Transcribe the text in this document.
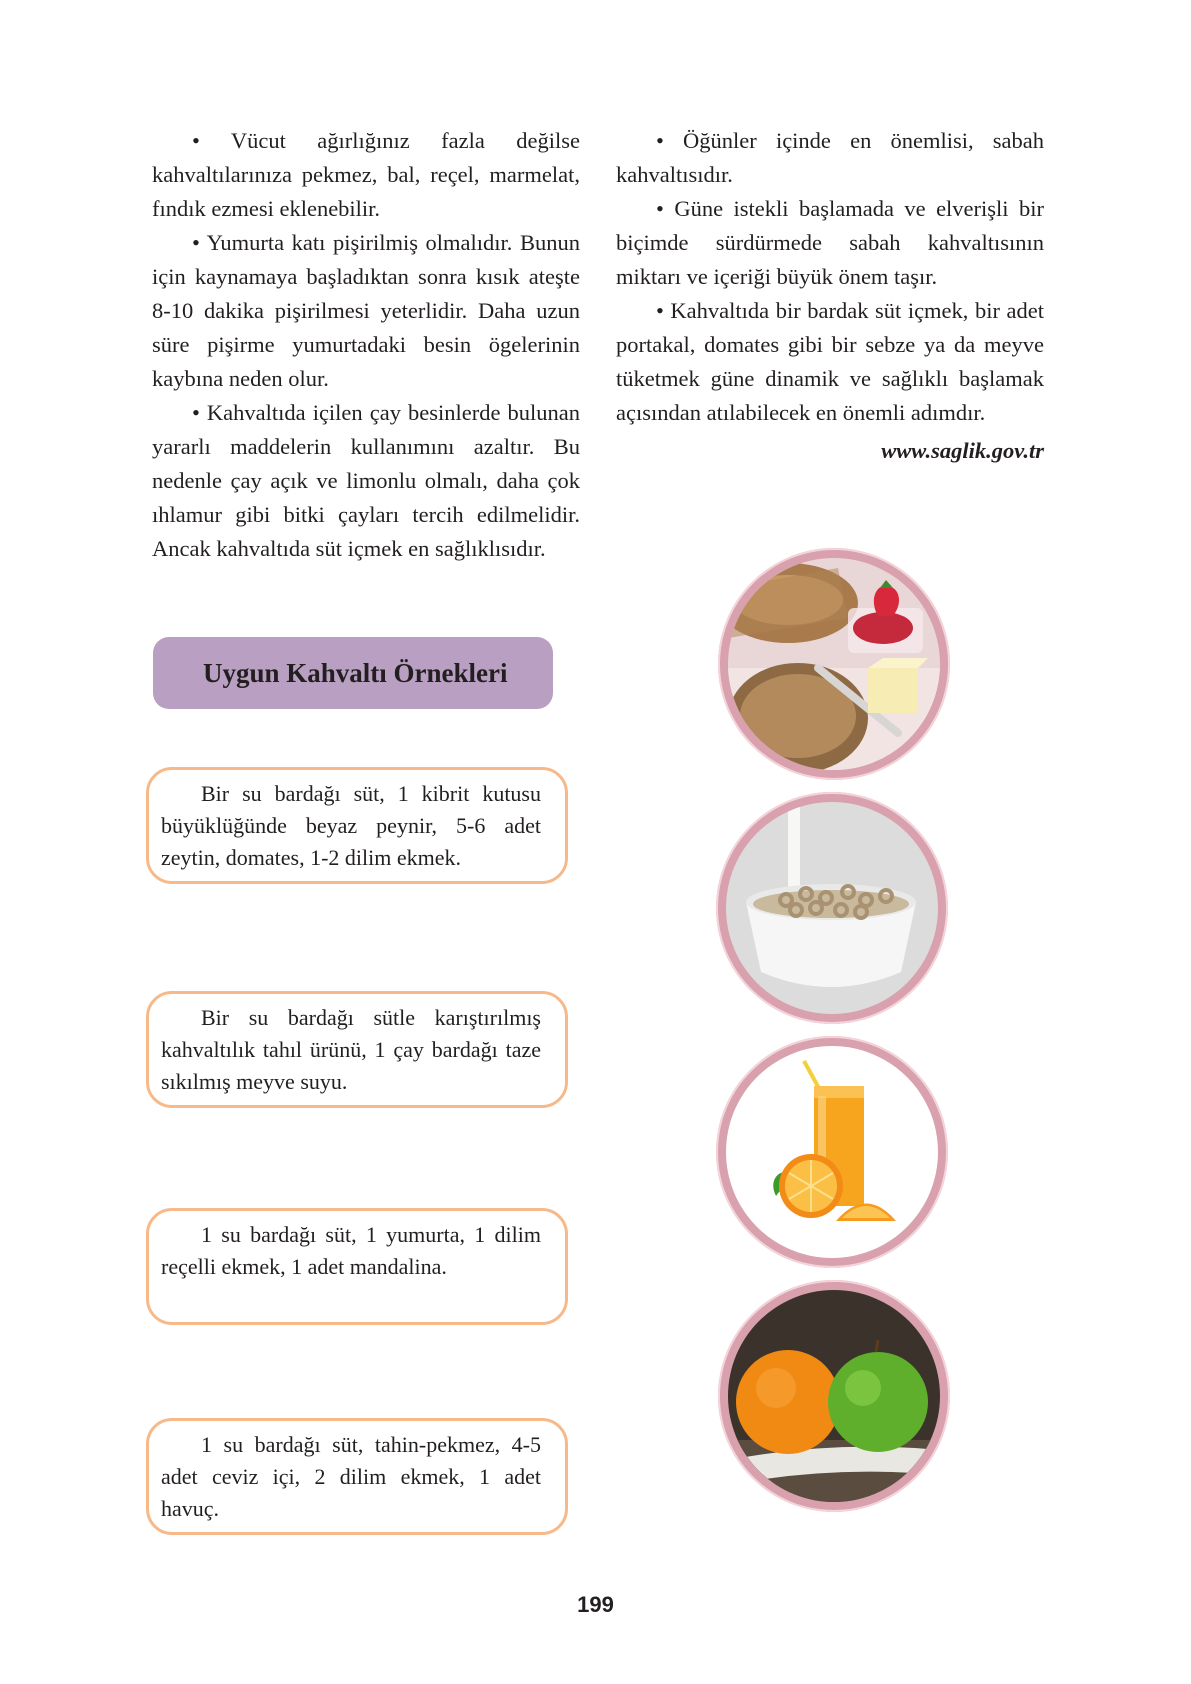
• Vücut ağırlığınız fazla değilse kahvaltılarınıza pekmez, bal, reçel, marmelat, fındık ezmesi eklenebilir.

• Yumurta katı pişirilmiş olmalıdır. Bunun için kaynamaya başladıktan sonra kısık ateşte 8-10 dakika pişirilmesi yeterlidir. Daha uzun süre pişirme yumurtadaki besin ögelerinin kaybına neden olur.

• Kahvaltıda içilen çay besinlerde bulunan yararlı maddelerin kullanımını azaltır. Bu nedenle çay açık ve limonlu olmalı, daha çok ıhlamur gibi bitki çayları tercih edilmelidir. Ancak kahvaltıda süt içmek en sağlıklısıdır.

• Öğünler içinde en önemlisi, sabah kahvaltısıdır.

• Güne istekli başlamada ve elverişli bir biçimde sürdürmede sabah kahvaltısının miktarı ve içeriği büyük önem taşır.

• Kahvaltıda bir bardak süt içmek, bir adet portakal, domates gibi bir sebze ya da meyve tüketmek güne dinamik ve sağlıklı başlamak açısından atılabilecek en önemli adımdır.

www.saglik.gov.tr

Uygun Kahvaltı Örnekleri

Bir su bardağı süt, 1 kibrit kutusu büyüklüğünde beyaz peynir, 5-6 adet zeytin, domates, 1-2 dilim ekmek.

Bir su bardağı sütle karıştırılmış kahvaltılık tahıl ürünü, 1 çay bardağı taze sıkılmış meyve suyu.

1 su bardağı süt, 1 yumurta, 1 dilim reçelli ekmek, 1 adet mandalina.

1 su bardağı süt, tahin-pekmez, 4-5 adet ceviz içi, 2 dilim ekmek, 1 adet havuç.

199
